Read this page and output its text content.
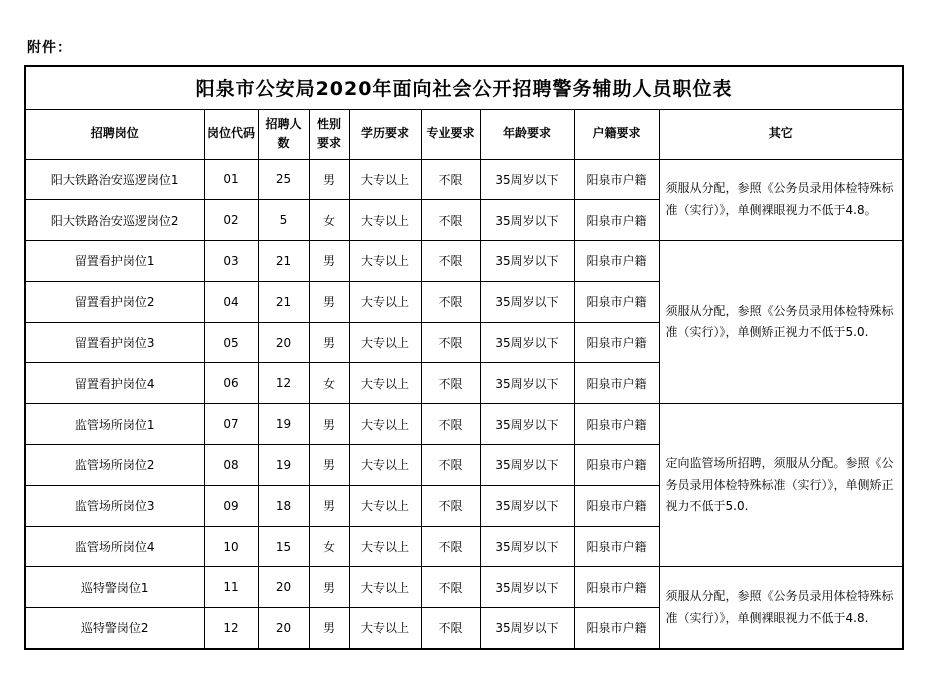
附件：
阳泉市公安局2020年面向社会公开招聘警务辅助人员职位表								
招聘岗位	岗位代码	招聘人数	性别要求	学历要求	专业要求	年龄要求	户籍要求	其它
阳大铁路治安巡逻岗位1	01	25	男	大专以上	不限	35周岁以下	阳泉市户籍	须服从分配，参照《公务员录用体检特殊标准（实行）》，单侧裸眼视力不低于4.8。
阳大铁路治安巡逻岗位2	02	5	女	大专以上	不限	35周岁以下	阳泉市户籍	
留置看护岗位1	03	21	男	大专以上	不限	35周岁以下	阳泉市户籍	须服从分配，参照《公务员录用体检特殊标准（实行）》，单侧矫正视力不低于5.0.
留置看护岗位2	04	21	男	大专以上	不限	35周岁以下	阳泉市户籍	
留置看护岗位3	05	20	男	大专以上	不限	35周岁以下	阳泉市户籍	
留置看护岗位4	06	12	女	大专以上	不限	35周岁以下	阳泉市户籍	
监管场所岗位1	07	19	男	大专以上	不限	35周岁以下	阳泉市户籍	定向监管场所招聘，须服从分配。参照《公务员录用体检特殊标准（实行）》，单侧矫正视力不低于5.0.
监管场所岗位2	08	19	男	大专以上	不限	35周岁以下	阳泉市户籍	
监管场所岗位3	09	18	男	大专以上	不限	35周岁以下	阳泉市户籍	
监管场所岗位4	10	15	女	大专以上	不限	35周岁以下	阳泉市户籍	
巡特警岗位1	11	20	男	大专以上	不限	35周岁以下	阳泉市户籍	须服从分配，参照《公务员录用体检特殊标准（实行）》，单侧裸眼视力不低于4.8.
巡特警岗位2	12	20	男	大专以上	不限	35周岁以下	阳泉市户籍	
